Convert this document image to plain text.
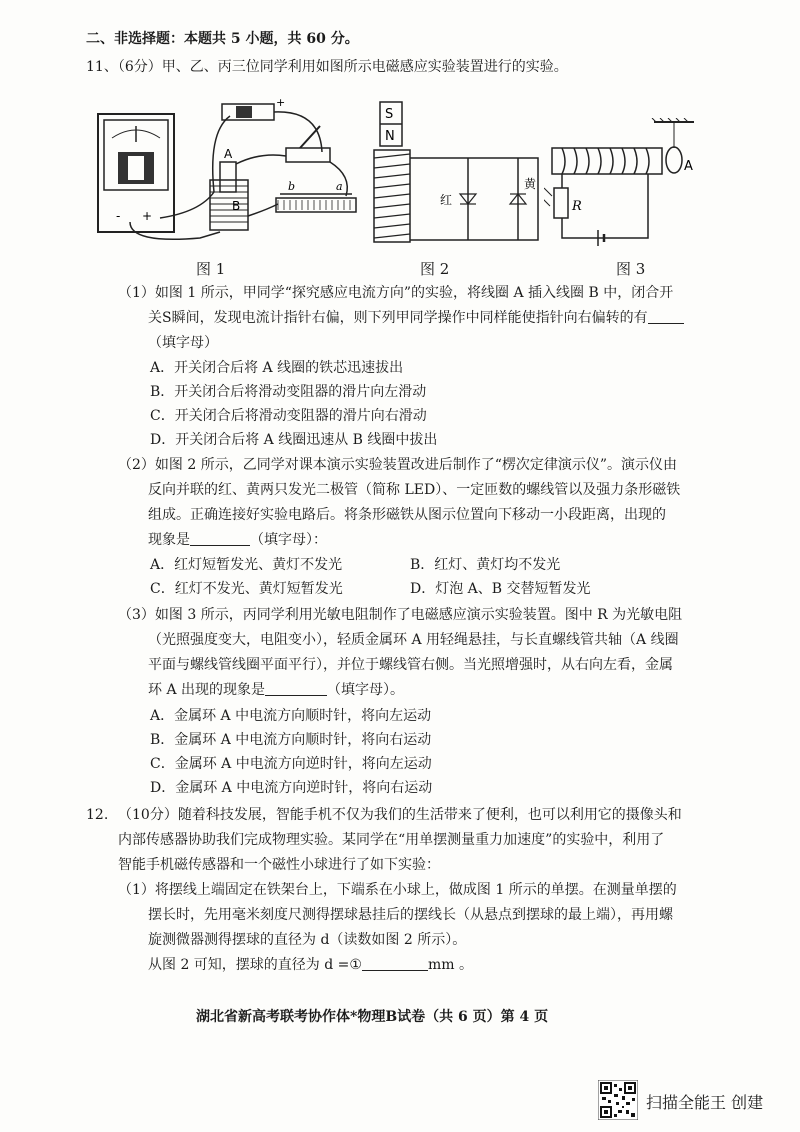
二、非选择题：本题共 5 小题，共 60 分。
11、（6分）甲、乙、丙三位同学利用如图所示电磁感应实验装置进行的实验。
- +
+
B
A
b	a
S
N
红
黄
A
R
图 1	图 2	图 3
（1）如图 1 所示，甲同学“探究感应电流方向”的实验，将线圈 A 插入线圈 B 中，闭合开
关S瞬间，发现电流计指针右偏，则下列甲同学操作中同样能使指针向右偏转的有
（填字母）
A．开关闭合后将 A 线圈的铁芯迅速拔出
B．开关闭合后将滑动变阻器的滑片向左滑动
C．开关闭合后将滑动变阻器的滑片向右滑动
D．开关闭合后将 A 线圈迅速从 B 线圈中拔出
（2）如图 2 所示，乙同学对课本演示实验装置改进后制作了“楞次定律演示仪”。演示仪由
反向并联的红、黄两只发光二极管（简称 LED）、一定匝数的螺线管以及强力条形磁铁
组成。正确连接好实验电路后。将条形磁铁从图示位置向下移动一小段距离，出现的
现象是	（填字母）：
A．红灯短暂发光、黄灯不发光	B．红灯、黄灯均不发光
C．红灯不发光、黄灯短暂发光	D．灯泡 A、B 交替短暂发光
（3）如图 3 所示，丙同学利用光敏电阻制作了电磁感应演示实验装置。图中 R 为光敏电阻
（光照强度变大，电阻变小），轻质金属环 A 用轻绳悬挂，与长直螺线管共轴（A 线圈
平面与螺线管线圈平面平行），并位于螺线管右侧。当光照增强时，从右向左看，金属
环 A 出现的现象是	（填字母）。
A．金属环 A 中电流方向顺时针，将向左运动
B．金属环 A 中电流方向顺时针，将向右运动
C．金属环 A 中电流方向逆时针，将向左运动
D．金属环 A 中电流方向逆时针，将向右运动
12. （10分）随着科技发展，智能手机不仅为我们的生活带来了便利，也可以利用它的摄像头和
内部传感器协助我们完成物理实验。某同学在“用单摆测量重力加速度”的实验中，利用了
智能手机磁传感器和一个磁性小球进行了如下实验：
（1）将摆线上端固定在铁架台上，下端系在小球上，做成图 1 所示的单摆。在测量单摆的
摆长时，先用毫米刻度尺测得摆球悬挂后的摆线长（从悬点到摆球的最上端），再用螺
旋测微器测得摆球的直径为 d（读数如图 2 所示）。
从图 2 可知，摆球的直径为 d =①	mm 。
湖北省新高考联考协作体*物理B试卷（共 6 页）第 4 页
扫描全能王 创建
